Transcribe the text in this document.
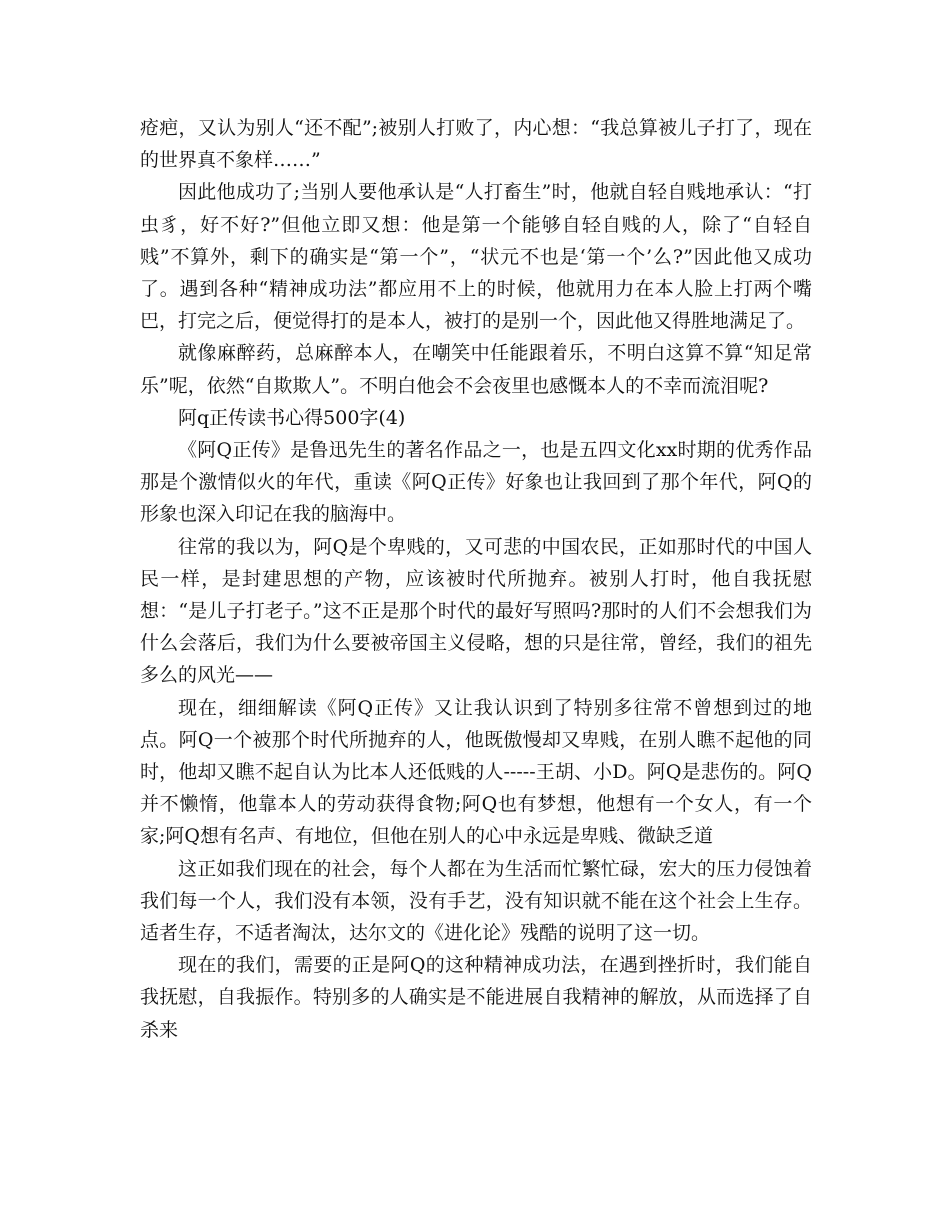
疮疤，又认为别人“还不配”;被别人打败了，内心想：“我总算被儿子打了，现在的世界真不象样……”

因此他成功了;当别人要他承认是“人打畜生”时，他就自轻自贱地承认：“打虫豸，好不好?”但他立即又想：他是第一个能够自轻自贱的人，除了“自轻自贱”不算外，剩下的确实是“第一个”，“状元不也是‘第一个’么?”因此他又成功了。遇到各种“精神成功法”都应用不上的时候，他就用力在本人脸上打两个嘴巴，打完之后，便觉得打的是本人，被打的是别一个，因此他又得胜地满足了。

就像麻醉药，总麻醉本人，在嘲笑中任能跟着乐，不明白这算不算“知足常乐”呢，依然“自欺欺人”。不明白他会不会夜里也感慨本人的不幸而流泪呢?

阿q正传读书心得500字(4)

《阿Q正传》是鲁迅先生的著名作品之一，也是五四文化xx时期的优秀作品那是个激情似火的年代，重读《阿Q正传》好象也让我回到了那个年代，阿Q的形象也深入印记在我的脑海中。

往常的我以为，阿Q是个卑贱的，又可悲的中国农民，正如那时代的中国人民一样，是封建思想的产物，应该被时代所抛弃。被别人打时，他自我抚慰想：“是儿子打老子。”这不正是那个时代的最好写照吗?那时的人们不会想我们为什么会落后，我们为什么要被帝国主义侵略，想的只是往常，曾经，我们的祖先多么的风光——

现在，细细解读《阿Q正传》又让我认识到了特别多往常不曾想到过的地点。阿Q一个被那个时代所抛弃的人，他既傲慢却又卑贱，在别人瞧不起他的同时，他却又瞧不起自认为比本人还低贱的人-----王胡、小D。阿Q是悲伤的。阿Q并不懒惰，他靠本人的劳动获得食物;阿Q也有梦想，他想有一个女人，有一个家;阿Q想有名声、有地位，但他在别人的心中永远是卑贱、微缺乏道

这正如我们现在的社会，每个人都在为生活而忙繁忙碌，宏大的压力侵蚀着我们每一个人，我们没有本领，没有手艺，没有知识就不能在这个社会上生存。适者生存，不适者淘汰，达尔文的《进化论》残酷的说明了这一切。

现在的我们，需要的正是阿Q的这种精神成功法，在遇到挫折时，我们能自我抚慰，自我振作。特别多的人确实是不能进展自我精神的解放，从而选择了自杀来
